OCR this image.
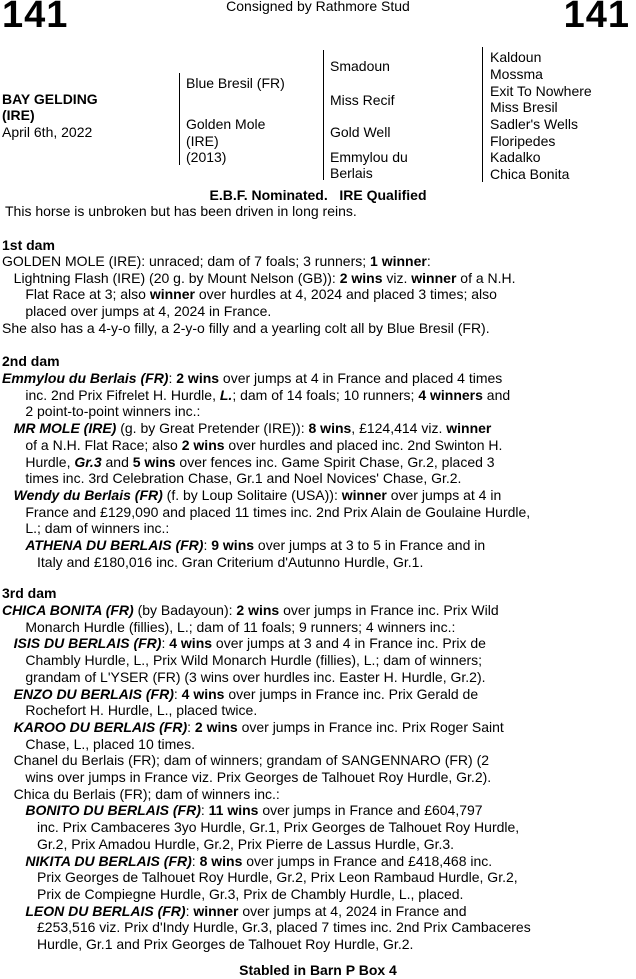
141	Consigned by Rathmore Stud	141
BAY GELDING
(IRE)
April 6th, 2022
Blue Bresil (FR)
Golden Mole
(IRE)
(2013)
Smadoun
Miss Recif
Gold Well
Emmylou du
Berlais
Kaldoun
Mossma
Exit To Nowhere
Miss Bresil
Sadler's Wells
Floripedes
Kadalko
Chica Bonita
E.B.F. Nominated.   IRE Qualified
This horse is unbroken but has been driven in long reins.
1st dam
2nd dam
3rd dam
GOLDEN MOLE (IRE): unraced; dam of 7 foals; 3 runners; 1 winner:
Lightning Flash (IRE) (20 g. by Mount Nelson (GB)): 2 wins viz. winner of a N.H.
Flat Race at 3; also winner over hurdles at 4, 2024 and placed 3 times; also
placed over jumps at 4, 2024 in France.
She also has a 4-y-o filly, a 2-y-o filly and a yearling colt all by Blue Bresil (FR).
Emmylou du Berlais (FR): 2 wins over jumps at 4 in France and placed 4 times
inc. 2nd Prix Fifrelet H. Hurdle, L.; dam of 14 foals; 10 runners; 4 winners and
2 point-to-point winners inc.:
MR MOLE (IRE) (g. by Great Pretender (IRE)): 8 wins, £124,414 viz. winner
of a N.H. Flat Race; also 2 wins over hurdles and placed inc. 2nd Swinton H.
Hurdle, Gr.3 and 5 wins over fences inc. Game Spirit Chase, Gr.2, placed 3
times inc. 3rd Celebration Chase, Gr.1 and Noel Novices' Chase, Gr.2.
Wendy du Berlais (FR) (f. by Loup Solitaire (USA)): winner over jumps at 4 in
France and £129,090 and placed 11 times inc. 2nd Prix Alain de Goulaine Hurdle,
L.; dam of winners inc.:
ATHENA DU BERLAIS (FR): 9 wins over jumps at 3 to 5 in France and in
Italy and £180,016 inc. Gran Criterium d'Autunno Hurdle, Gr.1.
CHICA BONITA (FR) (by Badayoun): 2 wins over jumps in France inc. Prix Wild
Monarch Hurdle (fillies), L.; dam of 11 foals; 9 runners; 4 winners inc.:
ISIS DU BERLAIS (FR): 4 wins over jumps at 3 and 4 in France inc. Prix de
Chambly Hurdle, L., Prix Wild Monarch Hurdle (fillies), L.; dam of winners;
grandam of L'YSER (FR) (3 wins over hurdles inc. Easter H. Hurdle, Gr.2).
ENZO DU BERLAIS (FR): 4 wins over jumps in France inc. Prix Gerald de
Rochefort H. Hurdle, L., placed twice.
KAROO DU BERLAIS (FR): 2 wins over jumps in France inc. Prix Roger Saint
Chase, L., placed 10 times.
Chanel du Berlais (FR); dam of winners; grandam of SANGENNARO (FR) (2
wins over jumps in France viz. Prix Georges de Talhouet Roy Hurdle, Gr.2).
Chica du Berlais (FR); dam of winners inc.:
BONITO DU BERLAIS (FR): 11 wins over jumps in France and £604,797
inc. Prix Cambaceres 3yo Hurdle, Gr.1, Prix Georges de Talhouet Roy Hurdle,
Gr.2, Prix Amadou Hurdle, Gr.2, Prix Pierre de Lassus Hurdle, Gr.3.
NIKITA DU BERLAIS (FR): 8 wins over jumps in France and £418,468 inc.
Prix Georges de Talhouet Roy Hurdle, Gr.2, Prix Leon Rambaud Hurdle, Gr.2,
Prix de Compiegne Hurdle, Gr.3, Prix de Chambly Hurdle, L., placed.
LEON DU BERLAIS (FR): winner over jumps at 4, 2024 in France and
£253,516 viz. Prix d'Indy Hurdle, Gr.3, placed 7 times inc. 2nd Prix Cambaceres
Hurdle, Gr.1 and Prix Georges de Talhouet Roy Hurdle, Gr.2.
Stabled in Barn P Box 4
